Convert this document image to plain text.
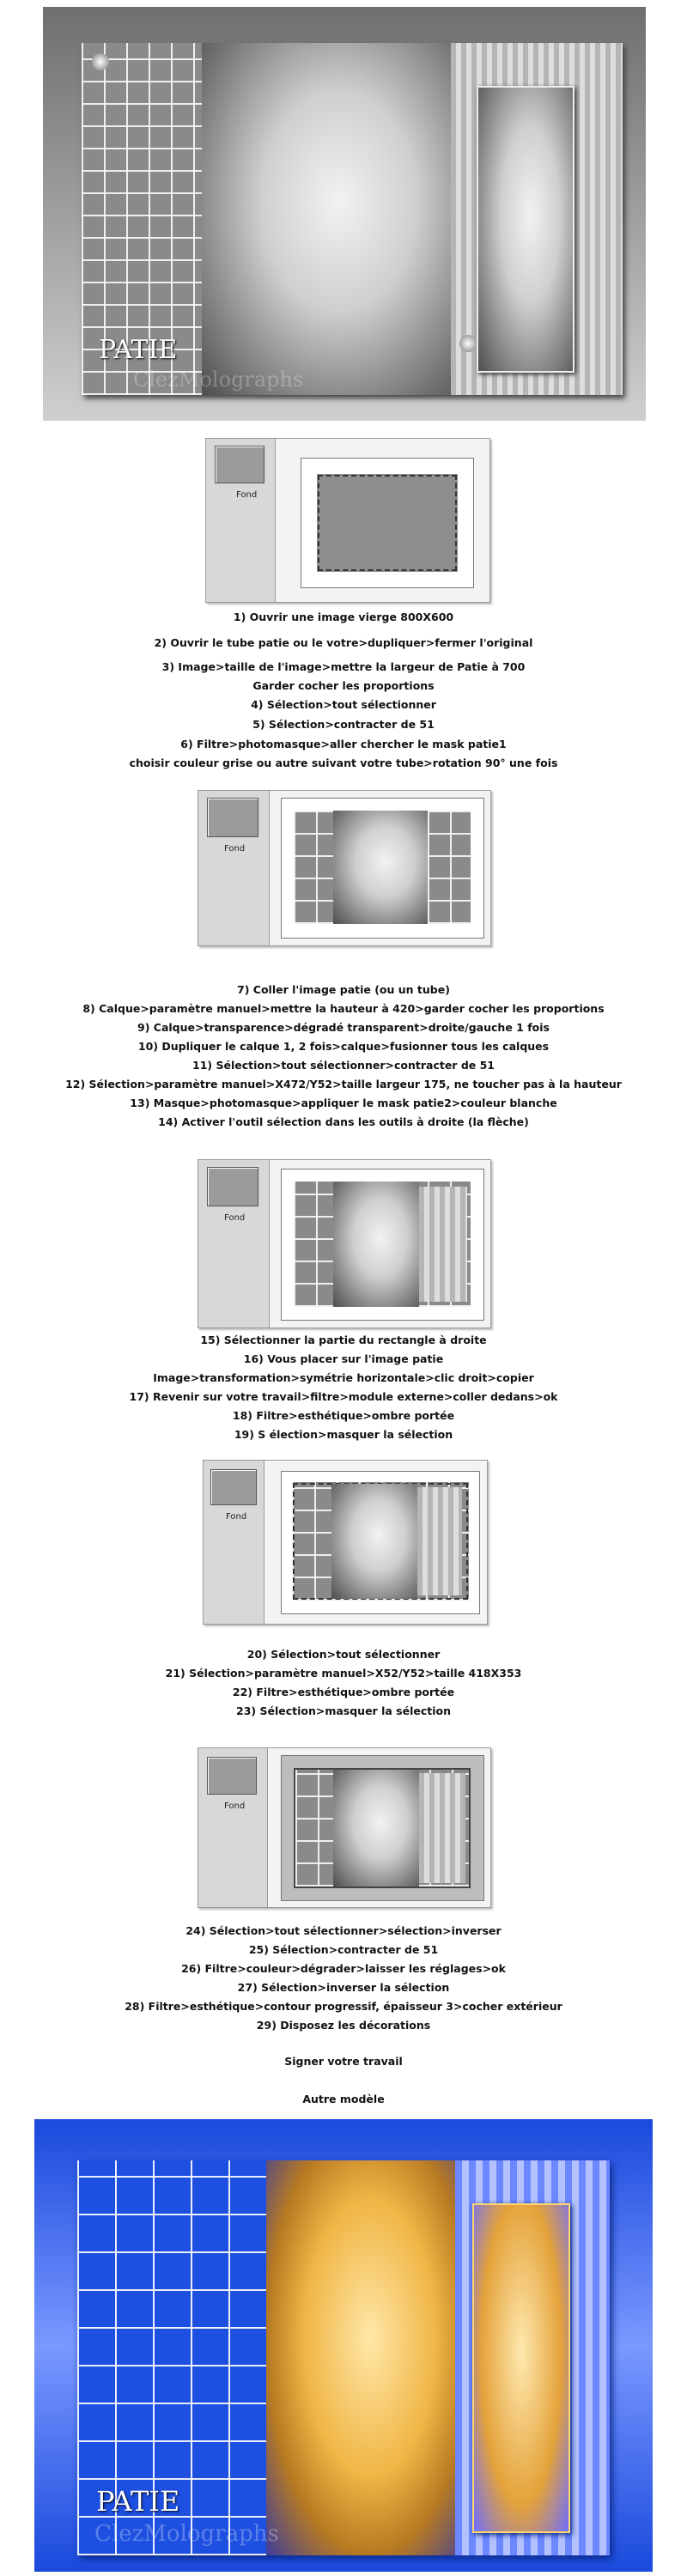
PATIE
ClezMolographs
Fond
1) Ouvrir une image vierge 800X600
2) Ouvrir le tube patie ou le votre>dupliquer>fermer l'original
3) Image>taille de l'image>mettre la largeur de Patie à 700
Garder cocher les proportions
4) Sélection>tout sélectionner
5) Sélection>contracter de 51
6) Filtre>photomasque>aller chercher le mask patie1
choisir couleur grise ou autre suivant votre tube>rotation 90° une fois
Fond
7) Coller l'image patie (ou un tube)
8) Calque>paramètre manuel>mettre la hauteur à 420>garder cocher les proportions
9) Calque>transparence>dégradé transparent>droite/gauche 1 fois
10) Dupliquer le calque 1, 2 fois>calque>fusionner tous les calques
11) Sélection>tout sélectionner>contracter de 51
12) Sélection>paramètre manuel>X472/Y52>taille largeur 175, ne toucher pas à la hauteur
13) Masque>photomasque>appliquer le mask patie2>couleur blanche
14) Activer l'outil sélection dans les outils à droite (la flèche)
Fond
15) Sélectionner la partie du rectangle à droite
16) Vous placer sur l'image patie
Image>transformation>symétrie horizontale>clic droit>copier
17) Revenir sur votre travail>filtre>module externe>coller dedans>ok
18) Filtre>esthétique>ombre portée
19) S élection>masquer la sélection
Fond
20) Sélection>tout sélectionner
21) Sélection>paramètre manuel>X52/Y52>taille 418X353
22) Filtre>esthétique>ombre portée
23) Sélection>masquer la sélection
Fond
24) Sélection>tout sélectionner>sélection>inverser
25) Sélection>contracter de 51
26) Filtre>couleur>dégrader>laisser les réglages>ok
27) Sélection>inverser la sélection
28) Filtre>esthétique>contour progressif, épaisseur 3>cocher extérieur
29) Disposez les décorations
Signer votre travail
Autre modèle
PATIE
ClezMolographs
